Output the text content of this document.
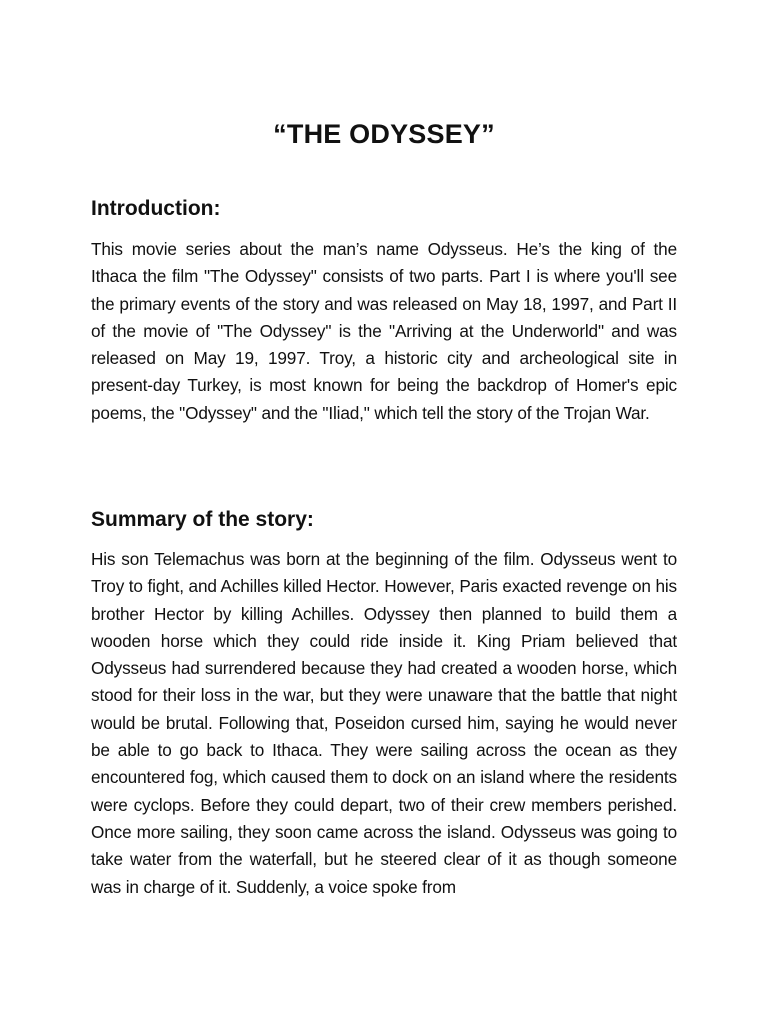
“THE ODYSSEY”
Introduction:

This movie series about the man’s name Odysseus. He’s the king of the Ithaca the film "The Odyssey" consists of two parts. Part I is where you'll see the primary events of the story and was released on May 18, 1997, and Part II of the movie of "The Odyssey" is the "Arriving at the Underworld" and was released on May 19, 1997. Troy, a historic city and archeological site in present-day Turkey, is most known for being the backdrop of Homer's epic poems, the "Odyssey" and the "Iliad," which tell the story of the Trojan War.

Summary of the story:

His son Telemachus was born at the beginning of the film. Odysseus went to Troy to fight, and Achilles killed Hector. However, Paris exacted revenge on his brother Hector by killing Achilles. Odyssey then planned to build them a wooden horse which they could ride inside it. King Priam believed that Odysseus had surrendered because they had created a wooden horse, which stood for their loss in the war, but they were unaware that the battle that night would be brutal. Following that, Poseidon cursed him, saying he would never be able to go back to Ithaca. They were sailing across the ocean as they encountered fog, which caused them to dock on an island where the residents were cyclops. Before they could depart, two of their crew members perished. Once more sailing, they soon came across the island. Odysseus was going to take water from the waterfall, but he steered clear of it as though someone was in charge of it. Suddenly, a voice spoke from
